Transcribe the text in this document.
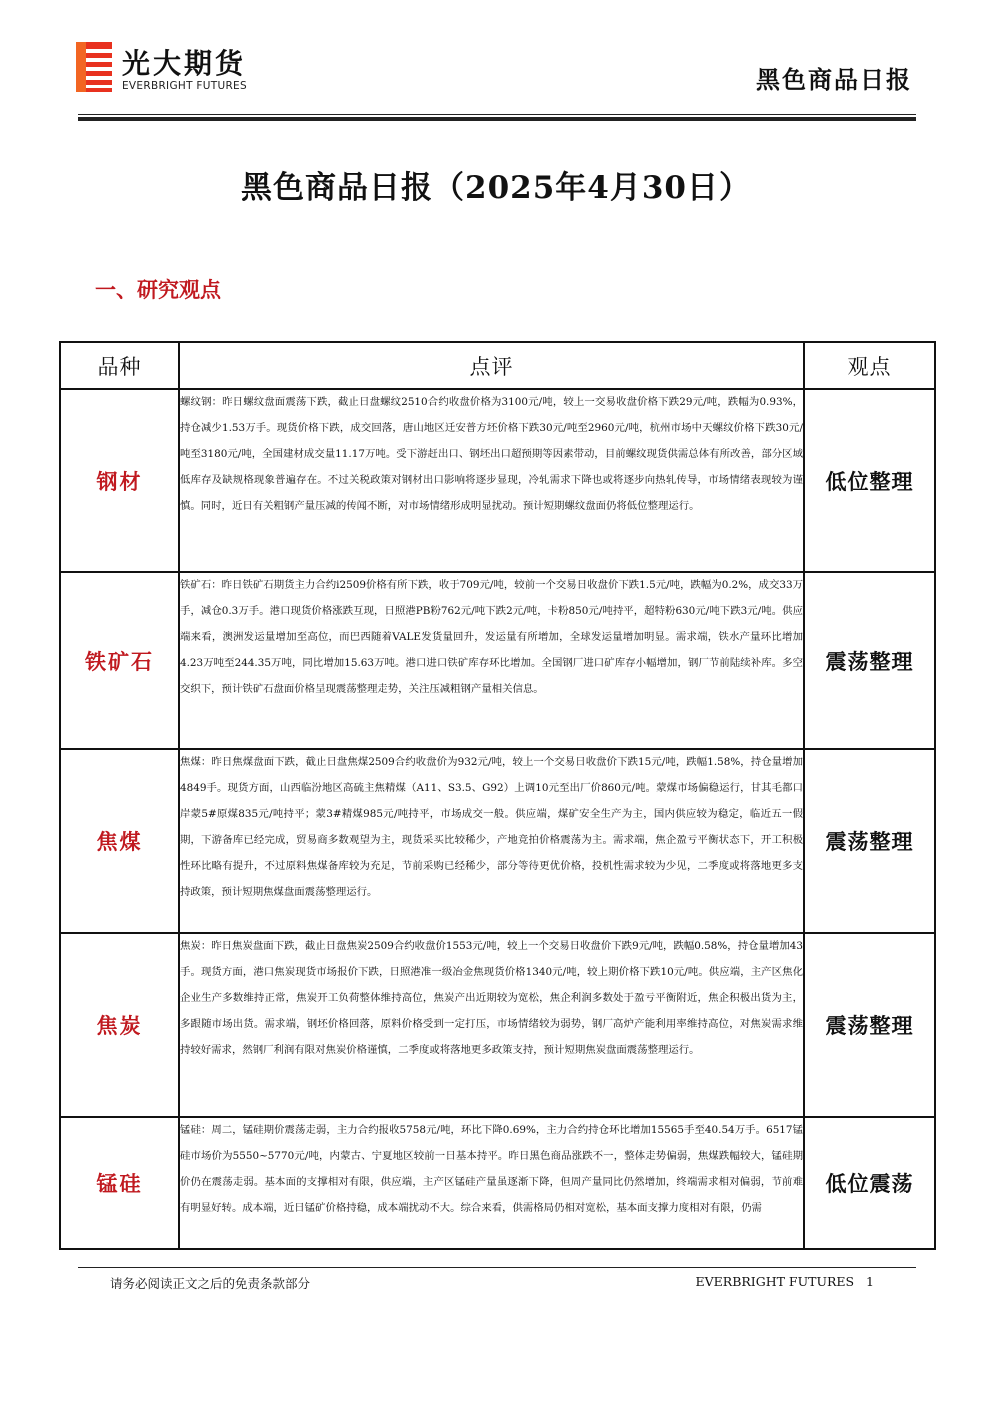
光大期货
EVERBRIGHT FUTURES	黑色商品日报
黑色商品日报（2025年4月30日）
一、研究观点
品种	点评	观点
钢材	螺纹钢：昨日螺纹盘面震荡下跌，截止日盘螺纹2510合约收盘价格为3100元/吨，较上一交易收盘价格下跌29元/吨，跌幅为0.93%，持仓减少1.53万手。现货价格下跌，成交回落，唐山地区迁安普方坯价格下跌30元/吨至2960元/吨，杭州市场中天螺纹价格下跌30元/吨至3180元/吨，全国建材成交量11.17万吨。受下游赶出口、钢坯出口超预期等因素带动，目前螺纹现货供需总体有所改善，部分区域低库存及缺规格现象普遍存在。不过关税政策对钢材出口影响将逐步显现，冷轧需求下降也或将逐步向热轧传导，市场情绪表现较为谨慎。同时，近日有关粗钢产量压减的传闻不断，对市场情绪形成明显扰动。预计短期螺纹盘面仍将低位整理运行。	低位整理
铁矿石	铁矿石：昨日铁矿石期货主力合约i2509价格有所下跌，收于709元/吨，较前一个交易日收盘价下跌1.5元/吨，跌幅为0.2%，成交33万手，减仓0.3万手。港口现货价格涨跌互现，日照港PB粉762元/吨下跌2元/吨，卡粉850元/吨持平，超特粉630元/吨下跌3元/吨。供应端来看，澳洲发运量增加至高位，而巴西随着VALE发货量回升，发运量有所增加，全球发运量增加明显。需求端，铁水产量环比增加4.23万吨至244.35万吨，同比增加15.63万吨。港口进口铁矿库存环比增加。全国钢厂进口矿库存小幅增加，钢厂节前陆续补库。多空交织下，预计铁矿石盘面价格呈现震荡整理走势，关注压减粗钢产量相关信息。	震荡整理
焦煤	焦煤：昨日焦煤盘面下跌，截止日盘焦煤2509合约收盘价为932元/吨，较上一个交易日收盘价下跌15元/吨，跌幅1.58%，持仓量增加4849手。现货方面，山西临汾地区高硫主焦精煤（A11、S3.5、G92）上调10元至出厂价860元/吨。蒙煤市场偏稳运行，甘其毛都口岸蒙5#原煤835元/吨持平；蒙3#精煤985元/吨持平，市场成交一般。供应端，煤矿安全生产为主，国内供应较为稳定，临近五一假期，下游备库已经完成，贸易商多数观望为主，现货采买比较稀少，产地竞拍价格震荡为主。需求端，焦企盈亏平衡状态下，开工积极性环比略有提升，不过原料焦煤备库较为充足，节前采购已经稀少，部分等待更优价格，投机性需求较为少见，二季度或将落地更多支持政策，预计短期焦煤盘面震荡整理运行。	震荡整理
焦炭	焦炭：昨日焦炭盘面下跌，截止日盘焦炭2509合约收盘价1553元/吨，较上一个交易日收盘价下跌9元/吨，跌幅0.58%，持仓量增加43手。现货方面，港口焦炭现货市场报价下跌，日照港准一级冶金焦现货价格1340元/吨，较上期价格下跌10元/吨。供应端，主产区焦化企业生产多数维持正常，焦炭开工负荷整体维持高位，焦炭产出近期较为宽松，焦企利润多数处于盈亏平衡附近，焦企积极出货为主，多跟随市场出货。需求端，钢坯价格回落，原料价格受到一定打压，市场情绪较为弱势，钢厂高炉产能利用率维持高位，对焦炭需求维持较好需求，然钢厂利润有限对焦炭价格谨慎，二季度或将落地更多政策支持，预计短期焦炭盘面震荡整理运行。	震荡整理
锰硅	锰硅：周二，锰硅期价震荡走弱，主力合约报收5758元/吨，环比下降0.69%，主力合约持仓环比增加15565手至40.54万手。6517锰硅市场价为5550~5770元/吨，内蒙古、宁夏地区较前一日基本持平。昨日黑色商品涨跌不一，整体走势偏弱，焦煤跌幅较大，锰硅期价仍在震荡走弱。基本面的支撑相对有限，供应端，主产区锰硅产量虽逐渐下降，但周产量同比仍然增加，终端需求相对偏弱，节前难有明显好转。成本端，近日锰矿价格持稳，成本端扰动不大。综合来看，供需格局仍相对宽松，基本面支撑力度相对有限，仍需	低位震荡
请务必阅读正文之后的免责条款部分	EVERBRIGHT FUTURES 1
